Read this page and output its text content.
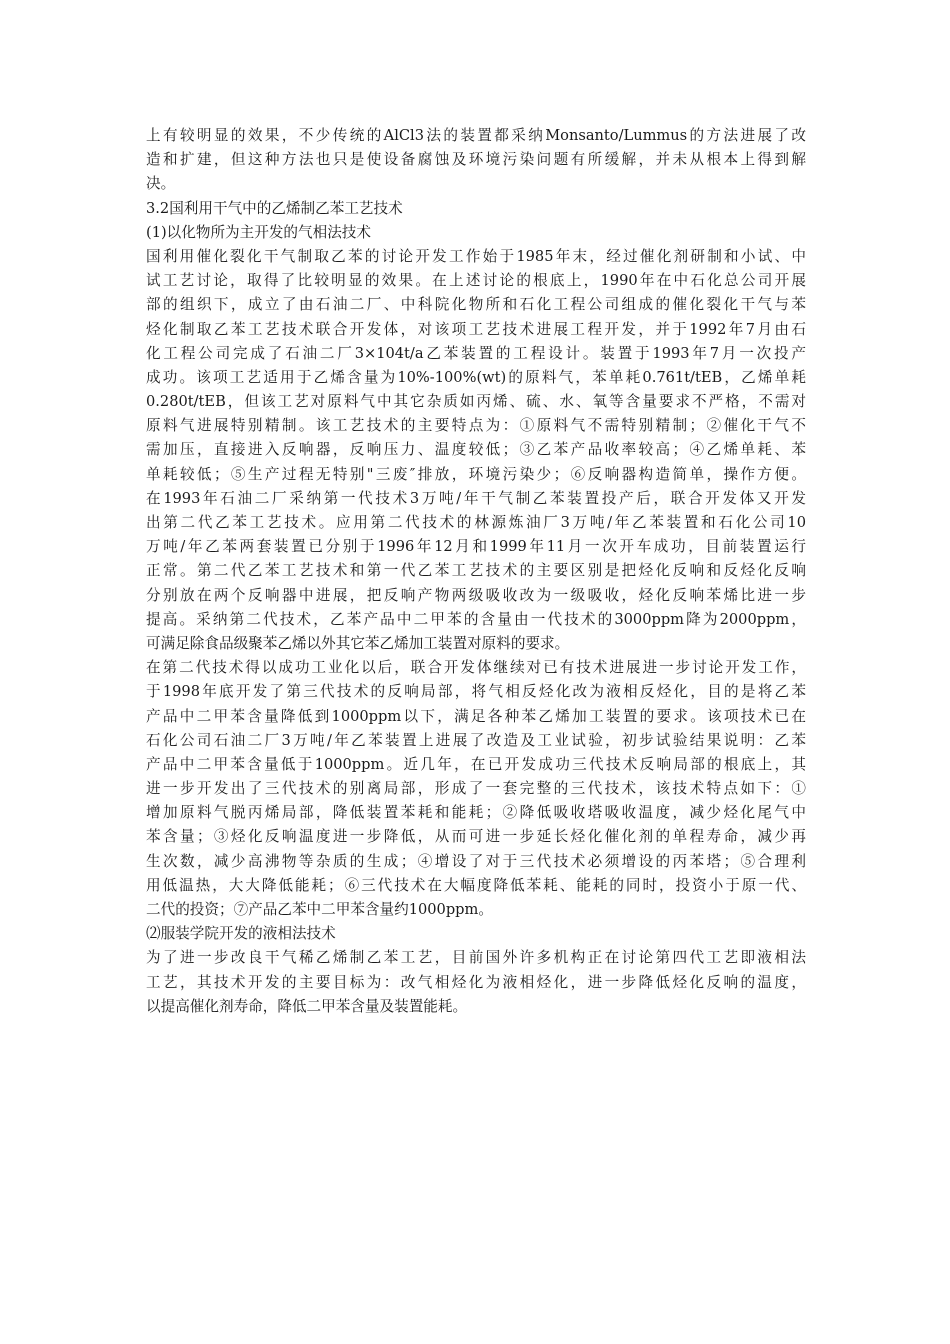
上有较明显的效果，不少传统的AlCl3法的装置都采纳Monsanto/Lummus的方法进展了改
造和扩建，但这种方法也只是使设备腐蚀及环境污染问题有所缓解，并未从根本上得到解
决。
3.2国利用干气中的乙烯制乙苯工艺技术
(1)以化物所为主开发的气相法技术
国利用催化裂化干气制取乙苯的讨论开发工作始于1985年末，经过催化剂研制和小试、中
试工艺讨论，取得了比较明显的效果。在上述讨论的根底上，1990年在中石化总公司开展
部的组织下，成立了由石油二厂、中科院化物所和石化工程公司组成的催化裂化干气与苯
烃化制取乙苯工艺技术联合开发体，对该项工艺技术进展工程开发，并于1992年7月由石
化工程公司完成了石油二厂3×104t/a乙苯装置的工程设计。装置于1993年7月一次投产
成功。该项工艺适用于乙烯含量为10%-100%(wt)的原料气，苯单耗0.761t/tEB，乙烯单耗
0.280t/tEB，但该工艺对原料气中其它杂质如丙烯、硫、水、氧等含量要求不严格，不需对
原料气进展特别精制。该工艺技术的主要特点为：①原料气不需特别精制；②催化干气不
需加压，直接进入反响器，反响压力、温度较低；③乙苯产品收率较高；④乙烯单耗、苯
单耗较低；⑤生产过程无特别"三废″排放，环境污染少；⑥反响器构造简单，操作方便。
在1993年石油二厂采纳第一代技术3万吨/年干气制乙苯装置投产后，联合开发体又开发
出第二代乙苯工艺技术。应用第二代技术的林源炼油厂3万吨/年乙苯装置和石化公司10
万吨/年乙苯两套装置已分别于1996年12月和1999年11月一次开车成功，目前装置运行
正常。第二代乙苯工艺技术和第一代乙苯工艺技术的主要区别是把烃化反响和反烃化反响
分别放在两个反响器中进展，把反响产物两级吸收改为一级吸收，烃化反响苯烯比进一步
提高。采纳第二代技术，乙苯产品中二甲苯的含量由一代技术的3000ppm降为2000ppm，
可满足除食品级聚苯乙烯以外其它苯乙烯加工装置对原料的要求。
在第二代技术得以成功工业化以后，联合开发体继续对已有技术进展进一步讨论开发工作，
于1998年底开发了第三代技术的反响局部，将气相反烃化改为液相反烃化，目的是将乙苯
产品中二甲苯含量降低到1000ppm以下，满足各种苯乙烯加工装置的要求。该项技术已在
石化公司石油二厂3万吨/年乙苯装置上进展了改造及工业试验，初步试验结果说明：乙苯
产品中二甲苯含量低于1000ppm。近几年，在已开发成功三代技术反响局部的根底上，其
进一步开发出了三代技术的别离局部，形成了一套完整的三代技术，该技术特点如下：①
增加原料气脱丙烯局部，降低装置苯耗和能耗；②降低吸收塔吸收温度，减少烃化尾气中
苯含量；③烃化反响温度进一步降低，从而可进一步延长烃化催化剂的单程寿命，减少再
生次数，减少高沸物等杂质的生成；④增设了对于三代技术必须增设的丙苯塔；⑤合理利
用低温热，大大降低能耗；⑥三代技术在大幅度降低苯耗、能耗的同时，投资小于原一代、
二代的投资；⑦产品乙苯中二甲苯含量约1000ppm。
⑵服装学院开发的液相法技术
为了进一步改良干气稀乙烯制乙苯工艺，目前国外许多机构正在讨论第四代工艺即液相法
工艺，其技术开发的主要目标为：改气相烃化为液相烃化，进一步降低烃化反响的温度，
以提高催化剂寿命，降低二甲苯含量及装置能耗。
